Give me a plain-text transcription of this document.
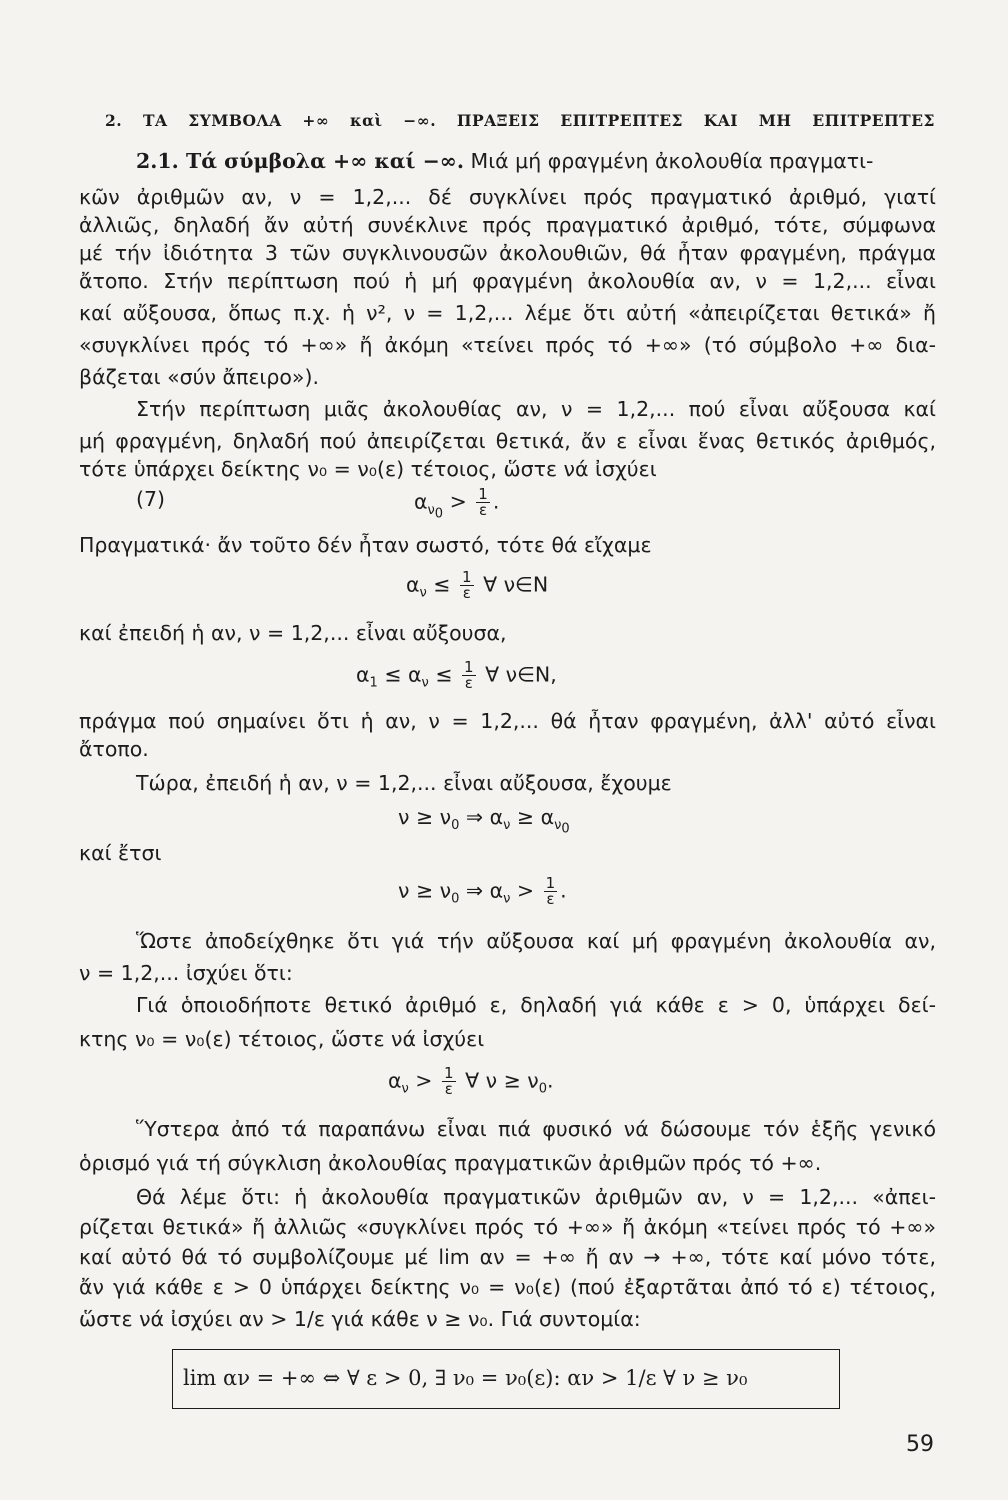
2. ΤΑ ΣΥΜΒΟΛΑ +∞ καὶ −∞. ΠΡΑΞΕΙΣ ΕΠΙΤΡΕΠΤΕΣ ΚΑΙ ΜΗ ΕΠΙΤΡΕΠΤΕΣ
2.1. Τά σύμβολα +∞ καί −∞. Μιά μή φραγμένη ἀκολουθία πραγματι-
κῶν ἀριθμῶν αν, ν = 1,2,... δέ συγκλίνει πρός πραγματικό ἀριθμό, γιατί
ἀλλιῶς, δηλαδή ἄν αὐτή συνέκλινε πρός πραγματικό ἀριθμό, τότε, σύμφωνα
μέ τήν ἰδιότητα 3 τῶν συγκλινουσῶν ἀκολουθιῶν, θά ἦταν φραγμένη, πράγμα
ἄτοπο. Στήν περίπτωση πού ἡ μή φραγμένη ἀκολουθία αν, ν = 1,2,... εἶναι
καί αὔξουσα, ὅπως π.χ. ἡ ν², ν = 1,2,... λέμε ὅτι αὐτή «ἀπειρίζεται θετικά» ἤ
«συγκλίνει πρός τό +∞» ἤ ἀκόμη «τείνει πρός τό +∞» (τό σύμβολο +∞ δια-
βάζεται «σύν ἄπειρο»).
Στήν περίπτωση μιᾶς ἀκολουθίας αν, ν = 1,2,... πού εἶναι αὔξουσα καί
μή φραγμένη, δηλαδή πού ἀπειρίζεται θετικά, ἄν ε εἶναι ἕνας θετικός ἀριθμός,
τότε ὑπάρχει δείκτης ν₀ = ν₀(ε) τέτοιος, ὥστε νά ἰσχύει
(7)	$\alpha_{\nu_0} > \frac{1}{\varepsilon}$ .
Πραγματικά· ἄν τοῦτο δέν ἦταν σωστό, τότε θά εἴχαμε
$\alpha_\nu \le \frac{1}{\varepsilon}$ ∀ ν∈N
καί ἐπειδή ἡ αν, ν = 1,2,... εἶναι αὔξουσα,
$\alpha_1 \le \alpha_\nu \le \frac{1}{\varepsilon}$ ∀ ν∈N,
πράγμα πού σημαίνει ὅτι ἡ αν, ν = 1,2,... θά ἦταν φραγμένη, ἀλλ' αὐτό εἶναι
ἄτοπο.
Τώρα, ἐπειδή ἡ αν, ν = 1,2,... εἶναι αὔξουσα, ἔχουμε
$\nu \ge \nu_0$ ⇒ $\alpha_\nu \ge \alpha_{\nu_0}$
καί ἔτσι
$\nu \ge \nu_0$ ⇒ $\alpha_\nu > \frac{1}{\varepsilon}$ .
Ὥστε ἀποδείχθηκε ὅτι γιά τήν αὔξουσα καί μή φραγμένη ἀκολουθία αν,
ν = 1,2,... ἰσχύει ὅτι:
Γιά ὁποιοδήποτε θετικό ἀριθμό ε, δηλαδή γιά κάθε ε > 0, ὑπάρχει δεί-
κτης ν₀ = ν₀(ε) τέτοιος, ὥστε νά ἰσχύει
$\alpha_\nu > \frac{1}{\varepsilon}$ ∀ $\nu \ge \nu_0$.
Ὕστερα ἀπό τά παραπάνω εἶναι πιά φυσικό νά δώσουμε τόν ἑξῆς γενικό
ὁρισμό γιά τή σύγκλιση ἀκολουθίας πραγματικῶν ἀριθμῶν πρός τό +∞.
Θά λέμε ὅτι: ἡ ἀκολουθία πραγματικῶν ἀριθμῶν αν, ν = 1,2,... «ἀπει-
ρίζεται θετικά» ἤ ἀλλιῶς «συγκλίνει πρός τό +∞» ἤ ἀκόμη «τείνει πρός τό +∞»
καί αὐτό θά τό συμβολίζουμε μέ lim αν = +∞ ἤ αν → +∞, τότε καί μόνο τότε,
ἄν γιά κάθε ε > 0 ὑπάρχει δείκτης ν₀ = ν₀(ε) (πού ἐξαρτᾶται ἀπό τό ε) τέτοιος,
ὥστε νά ἰσχύει αν > 1/ε γιά κάθε ν ≥ ν₀. Γιά συντομία:
lim αν = +∞ ⇔ ∀ ε > 0, ∃ ν₀ = ν₀(ε): αν > 1/ε ∀ ν ≥ ν₀
59
